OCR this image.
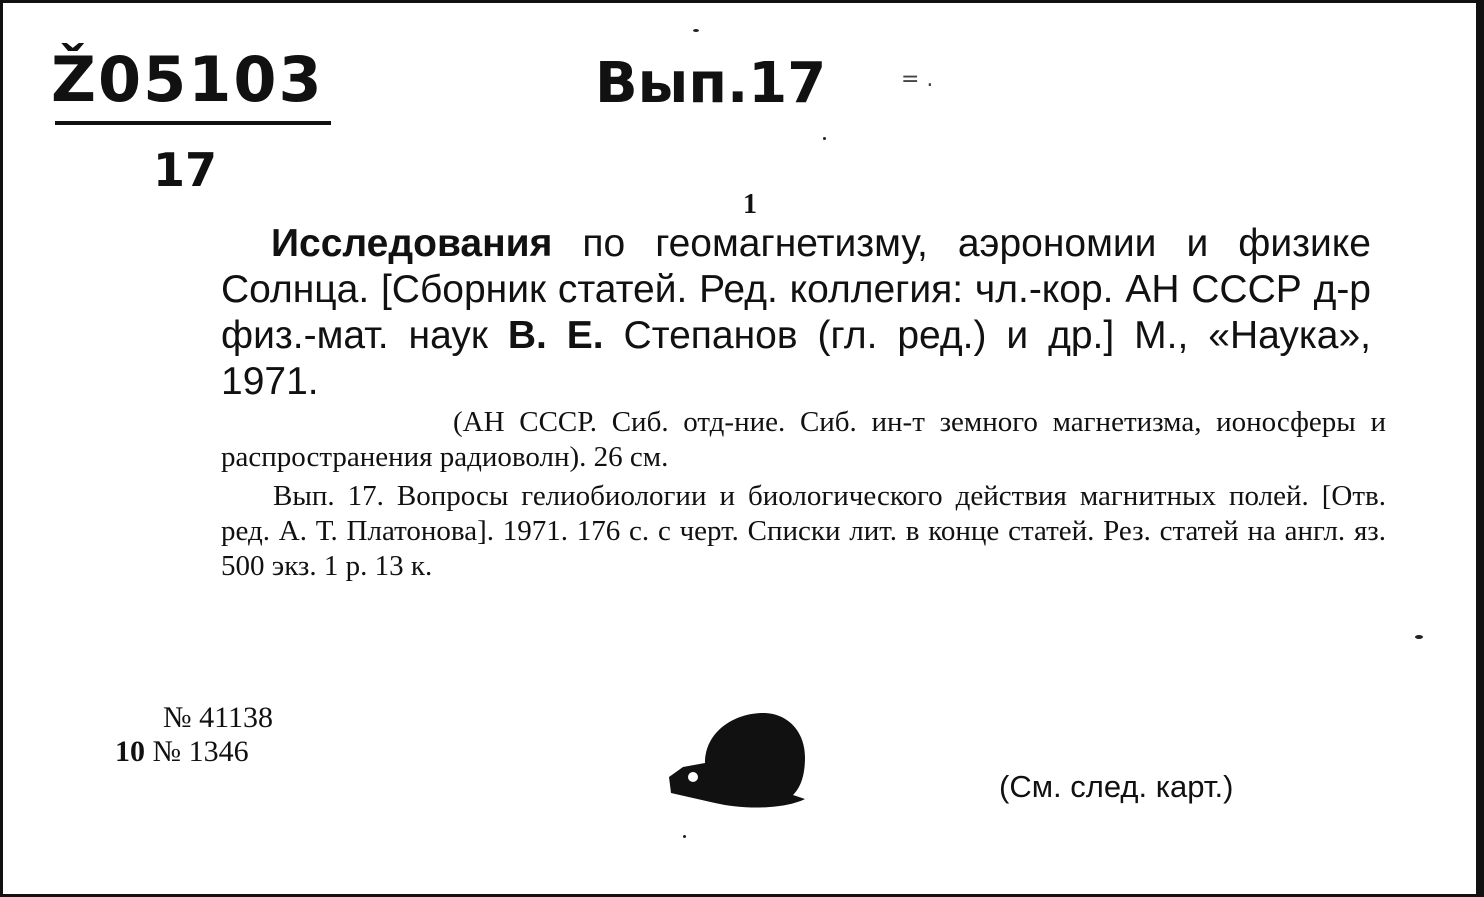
Ž05103
17
Вып.17	= .
1

Исследования по геомагнетизму, аэрономии и физике Солнца. [Сборник статей. Ред. коллегия: чл.-кор. АН СССР д-р физ.-мат. наук В. Е. Степанов (гл. ред.) и др.] М., «Наука», 1971.

(АН СССР. Сиб. отд-ние. Сиб. ин-т земного магнетизма, ионосферы и распространения радиоволн). 26 см.

Вып. 17. Вопросы гелиобиологии и биологического действия магнитных полей. [Отв. ред. А. Т. Платонова]. 1971. 176 с. с черт. Списки лит. в конце статей. Рез. статей на англ. яз. 500 экз. 1 р. 13 к.

№ 41138
10 № 1346
(См. след. карт.)
